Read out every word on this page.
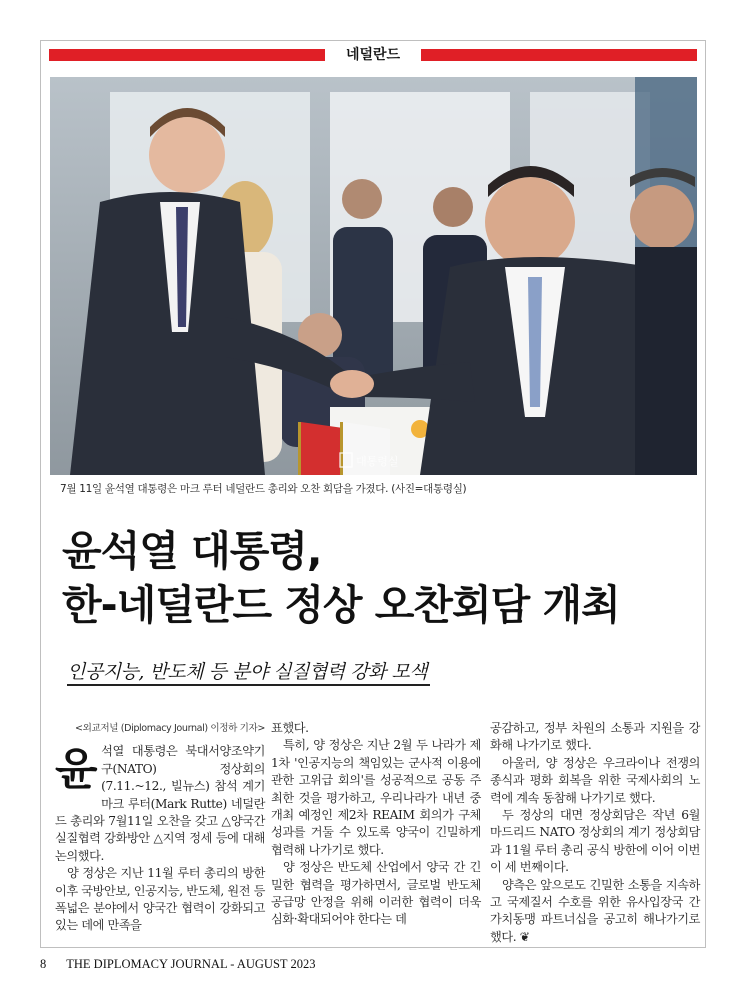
네덜란드
대통령실
7월 11일 윤석열 대통령은 마크 루터 네덜란드 총리와 오찬 회담을 가졌다. (사진=대통령실)
윤석열 대통령,
한-네덜란드 정상 오찬회담 개최
인공지능, 반도체 등 분야 실질협력 강화 모색
<외교저널 (Diplomacy Journal) 이정하 기자>

윤석열 대통령은 북대서양조약기구(NATO) 정상회의(7.11.~12., 빌뉴스) 참석 계기 마크 루터(Mark Rutte) 네덜란드 총리와 7월11일 오찬을 갖고 △양국간 실질협력 강화방안 △지역 정세 등에 대해 논의했다.

양 정상은 지난 11월 루터 총리의 방한 이후 국방안보, 인공지능, 반도체, 원전 등 폭넓은 분야에서 양국간 협력이 강화되고 있는 데에 만족을

표했다.

특히, 양 정상은 지난 2월 두 나라가 제1차 '인공지능의 책임있는 군사적 이용에 관한 고위급 회의'를 성공적으로 공동 주최한 것을 평가하고, 우리나라가 내년 중 개최 예정인 제2차 REAIM 회의가 구체 성과를 거둘 수 있도록 양국이 긴밀하게 협력해 나가기로 했다.

양 정상은 반도체 산업에서 양국 간 긴밀한 협력을 평가하면서, 글로벌 반도체 공급망 안정을 위해 이러한 협력이 더욱 심화·확대되어야 한다는 데

공감하고, 정부 차원의 소통과 지원을 강화해 나가기로 했다.

아울러, 양 정상은 우크라이나 전쟁의 종식과 평화 회복을 위한 국제사회의 노력에 계속 동참해 나가기로 했다.

두 정상의 대면 정상회담은 작년 6월 마드리드 NATO 정상회의 계기 정상회담과 11월 루터 총리 공식 방한에 이어 이번이 세 번째이다.

양측은 앞으로도 긴밀한 소통을 지속하고 국제질서 수호를 위한 유사입장국 간 가치동맹 파트너십을 공고히 해나가기로 했다. ❦

8 THE DIPLOMACY JOURNAL - AUGUST 2023
